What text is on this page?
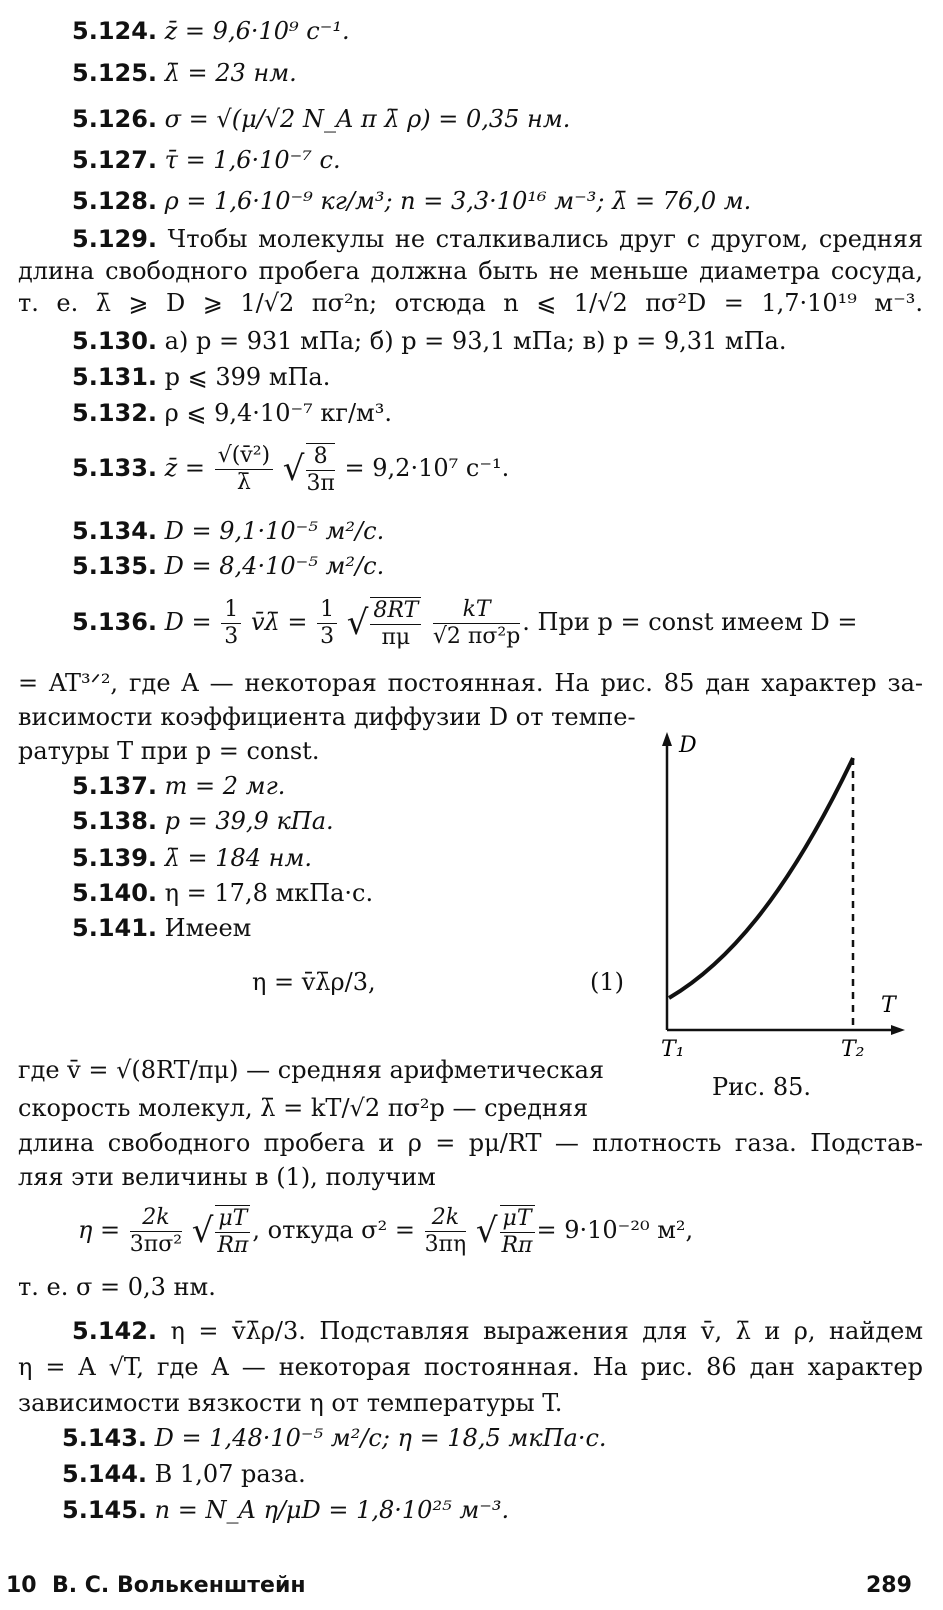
5.124. z̄ = 9,6·10⁹ с⁻¹.
5.125. λ̄ = 23 нм.
5.126. σ = √(μ/√2 N_A π λ̄ ρ) = 0,35 нм.
5.127. τ̄ = 1,6·10⁻⁷ с.
5.128. ρ = 1,6·10⁻⁹ кг/м³; n = 3,3·10¹⁶ м⁻³; λ̄ = 76,0 м.
5.129. Чтобы молекулы не сталкивались друг с другом, средняя
длина свободного пробега должна быть не меньше диаметра сосуда,
т. е. λ̄ ⩾ D ⩾ 1/√2 πσ²n; отсюда n ⩽ 1/√2 πσ²D = 1,7·10¹⁹ м⁻³.
5.130. а) p = 931 мПа; б) p = 93,1 мПа; в) p = 9,31 мПа.
5.131. p ⩽ 399 мПа.
5.132. ρ ⩽ 9,4·10⁻⁷ кг/м³.
5.133. z̄ = $\frac{\text{√(v̄²)}}{\lambdā}$ √ $\frac{8}{3\pi} = 9,2\cdot 10^7$ с⁻¹.
5.134. D = 9,1·10⁻⁵ м²/с.
5.135. D = 8,4·10⁻⁵ м²/с.
5.136. $D = \frac{1}{3}$ v̄λ̄ = $\frac{1}{3}$ √ $\frac{8RT}{\pi\mu}$
$\frac{kT}{\text{√2 πσ²p}}$ . При p = const имеем D =
= AT³ᐟ², где A — некоторая постоянная. На рис. 85 дан характер за-
висимости коэффициента диффузии D от темпе-
ратуры T при p = const.
5.137. m = 2 мг.
5.138. p = 39,9 кПа.
5.139. λ̄ = 184 нм.
5.140. η = 17,8 мкПа·с.
5.141. Имеем
η = v̄λ̄ρ/3,	(1)
где v̄ = √(8RT/πμ) — средняя арифметическая
скорость молекул, λ̄ = kT/√2 πσ²p — средняя
длина свободного пробега и ρ = pμ/RT — плотность газа. Подстав-
ляя эти величины в (1), получим
$\eta = \frac{2k}{\text{3πσ²}}$ √ $\frac{\mu T}{R\pi}$ , откуда $\sigma^2 = \frac{2k}{3\pi\eta}$ √ $\frac{\mu T}{R\pi} = 9\cdot 10^{-20}$ м²,
т. е. σ = 0,3 нм.
5.142. η = v̄λ̄ρ/3. Подставляя выражения для v̄, λ̄ и ρ, найдем
η = A √T, где A — некоторая постоянная. На рис. 86 дан характер
зависимости вязкости η от температуры T.
5.143. D = 1,48·10⁻⁵ м²/с; η = 18,5 мкПа·с.
5.144. В 1,07 раза.
5.145. n = N_A η/μD = 1,8·10²⁵ м⁻³.
D
T
T₁	T₂
Рис. 85.
10 В. С. Волькенштейн	289
